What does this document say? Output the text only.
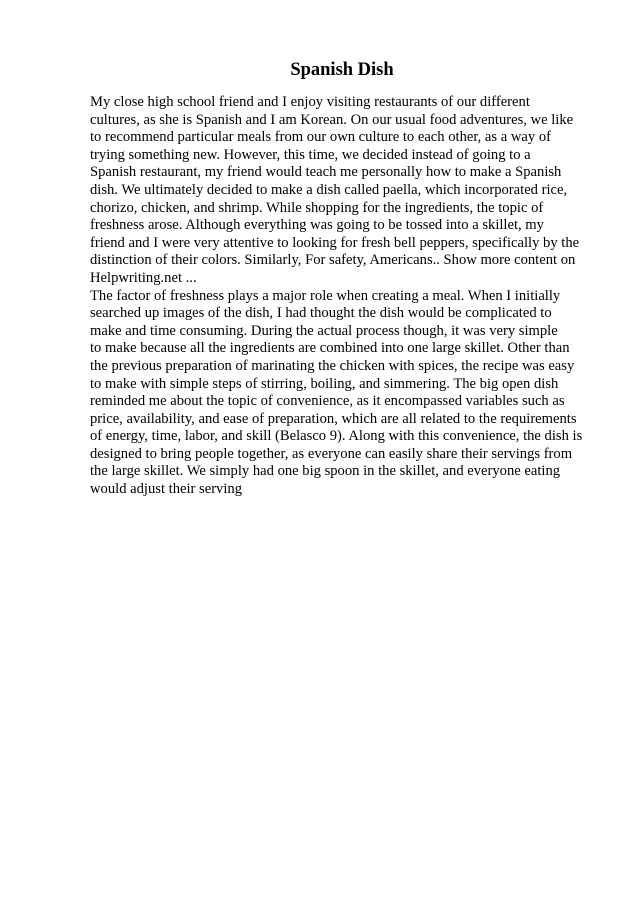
Spanish Dish
My close high school friend and I enjoy visiting restaurants of our different
cultures, as she is Spanish and I am Korean. On our usual food adventures, we like
to recommend particular meals from our own culture to each other, as a way of
trying something new. However, this time, we decided instead of going to a
Spanish restaurant, my friend would teach me personally how to make a Spanish
dish. We ultimately decided to make a dish called paella, which incorporated rice,
chorizo, chicken, and shrimp. While shopping for the ingredients, the topic of
freshness arose. Although everything was going to be tossed into a skillet, my
friend and I were very attentive to looking for fresh bell peppers, specifically by the
distinction of their colors. Similarly, For safety, Americans.. Show more content on
Helpwriting.net ...
The factor of freshness plays a major role when creating a meal. When I initially
searched up images of the dish, I had thought the dish would be complicated to
make and time consuming. During the actual process though, it was very simple
to make because all the ingredients are combined into one large skillet. Other than
the previous preparation of marinating the chicken with spices, the recipe was easy
to make with simple steps of stirring, boiling, and simmering. The big open dish
reminded me about the topic of convenience, as it encompassed variables such as
price, availability, and ease of preparation, which are all related to the requirements
of energy, time, labor, and skill (Belasco 9). Along with this convenience, the dish is
designed to bring people together, as everyone can easily share their servings from
the large skillet. We simply had one big spoon in the skillet, and everyone eating
would adjust their serving
